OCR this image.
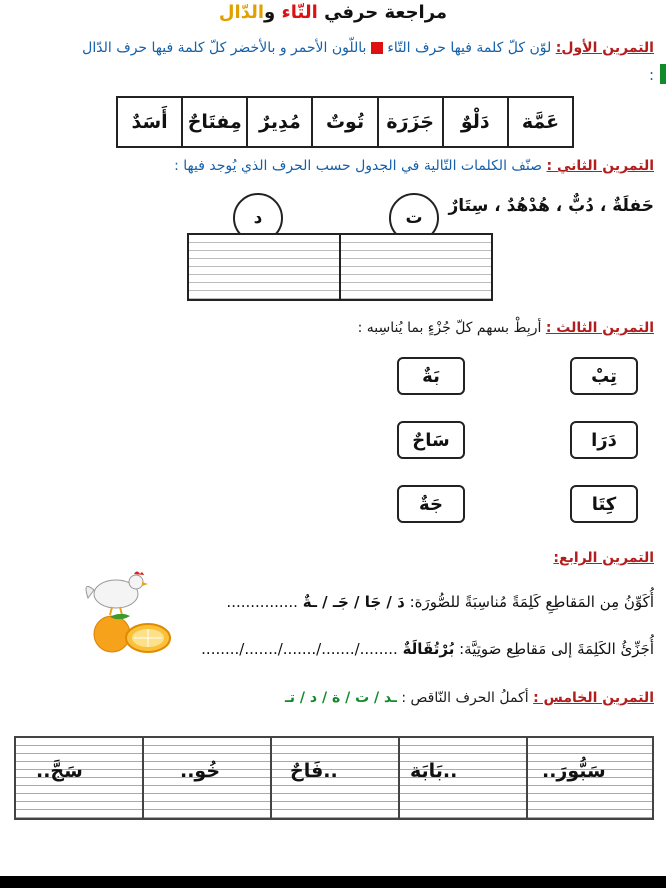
مراجعة حرفي التّاء والدّال
التمرين الأول: لوّن كلّ كلمة فيها حرف التّاء  باللّون الأحمر و بالأخضر كلّ كلمة فيها حرف الدّال
:
عَمَّة
دَلْوٌ
جَزَرَة
تُوتٌ
مُدِيرٌ
مِفتَاحٌ
أَسَدٌ
التمرين الثاني : صنّف الكلمات التّالية في الجدول حسب الحرف الذي يُوجد فيها :
حَفلَةٌ ، دُبٌّ ، هُدْهُدٌ ، سِتَارٌ
د	ت
التمرين الثالث : أربِطْ بسهم كلّ جُزْءٍ بما يُناسِبه :
بَةٌ
سَاحٌ
جَةٌ
تِبْ
دَرَا
كِتَا
التمرين الرابع:
أُكَوِّنُ مِن المَقاطِعِ كَلِمَةً مُناسِبَةً للصُّورَة: دَ / جَا / جَـ / ـةٌ ...............
أُجَزِّئُ الكَلِمَةَ إلى مَقاطِع صَوتِيَّة: بُرْتُقَالَةٌ ......../......./......./......./........
التمرين الخامس : أكملُ الحرف النّاقص : ـد / ت / ة / د / تـ
سَبُّورَ..
..بَابَة
..فَاحٌ
خُو..
سَجَّ..
